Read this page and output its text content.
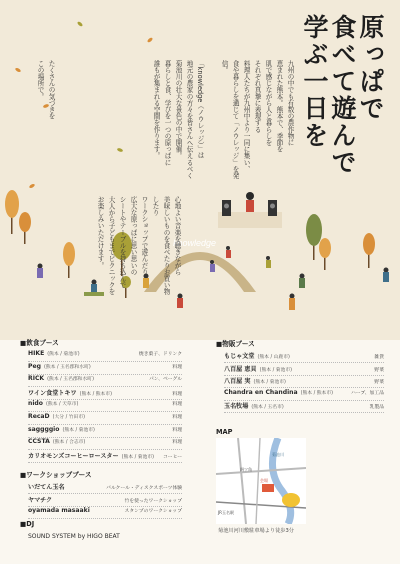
knowledge
原っぱで
食べて遊んで
学ぶ一日を
九州の中でも有数の農作物に
恵まれた熊本。熊本で、季節を
肌で感じながら人と暮らしを
それぞれ真摯に表現する
料理人たちが九州中より一同に集い、
食や暮らしを通じて「ノウレッジ」を発信。
「knowledge（ノウレッジ）」は
地元の農家の方々を皆さんへ伝えるべく
菊池川の壮大な景色の中で開催。
暮らしと食、学びを一つの原っぱに
誰もが集まれる空間を作ります。
心地よい音楽を聴きながら
美味しいものを食べたりお買い物したり
ワークショップで遊んだり。
広大な原っぱに思い思いの
シートやテーブルを持ち込んで
大人から子どもまでピクニックを
お楽しみいただけます。
たくさんの気づきを
この場所で。
■飲食ブース
HIKE (熊本 / 菊池市)	焼き菓子、ドリンク
Peg (熊本 / 玉名郡和水町)	料理
RICK (熊本 / 玉名郡和水町)	パン、ベーグル
ワイン食堂トキワ (熊本 / 熊本市)	料理
nido (熊本 / 天草市)	料理
RecaD (大分 / 竹田市)	料理
saggggio (熊本 / 菊池市)	料理
CCSTA (熊本 / 合志市)	料理
カリオモンズコーヒーロースター (熊本 / 菊池市) コーヒー
■ワークショップブース
いだてん玉名	バルクール・ディスクスポーツ体験
ヤマチク	竹を使ったワークショップ
oyamada masaaki	スタンプのワークショップ
■DJ
SOUND SYSTEM by HIGO BEAT
■物販ブース
もじゃ文堂 (熊本 / 山鹿市)	雑貨
八百屋 恵貝 (熊本 / 菊池市)	野菜
八百屋 実 (熊本 / 菊池市)	野菜
Chandra en Chandina (熊本 / 熊本市)	ハーブ、加工品
玉名牧場 (熊本 / 玉名市)	乳製品
MAP
菊池川
JR玉名駅
四ツ角
会場
菊池川河川敷駐車場より徒歩3分
